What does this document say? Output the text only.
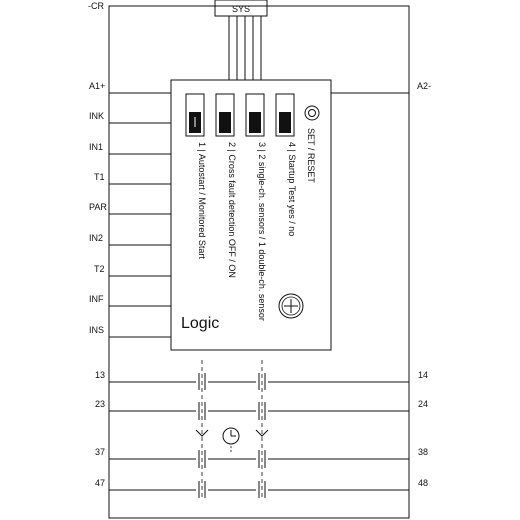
-CR	SYS
Logic
A1+
INK
IN1
T1
PAR
IN2
T2
INF
INS
A2-
1 | Autostart / Monitored Start 2 | Cross fault detection OFF / ON 3 | 2 single-ch. sensors / 1 double-ch. sensor 4 | Startup Test yes / no SET / RESET
13	14
23	24
37	38
47	48
